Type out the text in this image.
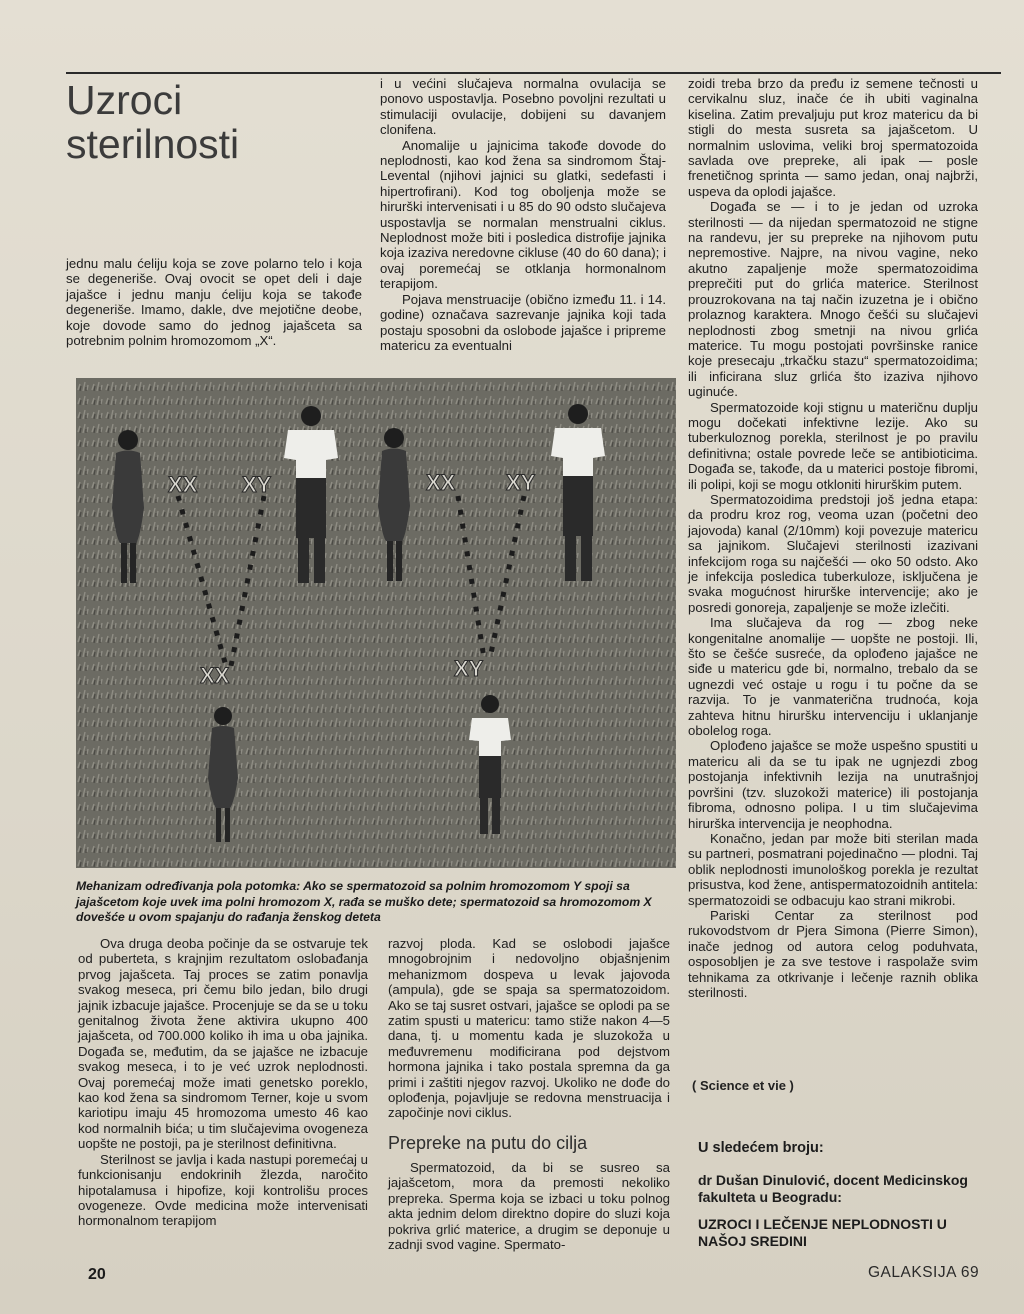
Uzroci sterilnosti

jednu malu ćeliju koja se zove polarno telo i koja se degeneriše. Ovaj ovocit se opet deli i daje jajašce i jednu manju ćeliju koja se takođe degeneriše. Imamo, dakle, dve mejotične deobe, koje dovode samo do jednog jajašceta sa potrebnim polnim hromozomom „X“.

i u većini slučajeva normalna ovulacija se ponovo uspostavlja. Posebno povoljni rezultati u stimulaciji ovulacije, dobijeni su davanjem clonifena.

Anomalije u jajnicima takođe dovode do neplodnosti, kao kod žena sa sindromom Štaj-Levental (njihovi jajnici su glatki, sedefasti i hipertrofirani). Kod tog oboljenja može se hirurški intervenisati i u 85 do 90 odsto slučajeva uspostavlja se normalan menstrualni ciklus. Neplodnost može biti i posledica distrofije jajnika koja izaziva neredovne cikluse (40 do 60 dana); i ovaj poremećaj se otklanja hormonalnom terapijom.

Pojava menstruacije (obično između 11. i 14. godine) označava sazrevanje jajnika koji tada postaju sposobni da oslobode jajašce i pripreme matericu za eventualni

zoidi treba brzo da pređu iz semene tečnosti u cervikalnu sluz, inače će ih ubiti vaginalna kiselina. Zatim prevaljuju put kroz matericu da bi stigli do mesta susreta sa jajašcetom. U normalnim uslovima, veliki broj spermatozoida savlada ove prepreke, ali ipak — posle frenetičnog sprinta — samo jedan, onaj najbrži, uspeva da oplodi jajašce.

Događa se — i to je jedan od uzroka sterilnosti — da nijedan spermatozoid ne stigne na randevu, jer su prepreke na njihovom putu nepremostive. Najpre, na nivou vagine, neko akutno zapaljenje može spermatozoidima preprečiti put do grlića materice. Sterilnost prouzrokovana na taj način izuzetna je i obično prolaznog karaktera. Mnogo češći su slučajevi neplodnosti zbog smetnji na nivou grlića materice. Tu mogu postojati površinske ranice koje presecaju „trkačku stazu“ spermatozoidima; ili inficirana sluz grlića što izaziva njihovo uginuće.

Spermatozoide koji stignu u materičnu duplju mogu dočekati infektivne lezije. Ako su tuberkuloznog porekla, sterilnost je po pravilu definitivna; ostale povrede leče se antibioticima. Događa se, takođe, da u materici postoje fibromi, ili polipi, koji se mogu otkloniti hirurškim putem.

Spermatozoidima predstoji još jedna etapa: da prodru kroz rog, veoma uzan (početni deo jajovoda) kanal (2/10mm) koji povezuje matericu sa jajnikom. Slučajevi sterilnosti izazivani infekcijom roga su najčešći — oko 50 odsto. Ako je infekcija posledica tuberkuloze, isključena je svaka mogućnost hirurške intervencije; ako je posredi gonoreja, zapaljenje se može izlečiti.

Ima slučajeva da rog — zbog neke kongenitalne anomalije — uopšte ne postoji. Ili, što se češće susreće, da oplođeno jajašce ne siđe u matericu gde bi, normalno, trebalo da se ugnezdi već ostaje u rogu i tu počne da se razvija. To je vanmaterična trudnoća, koja zahteva hitnu hiruršku intervenciju i uklanjanje obolelog roga.

Oplođeno jajašce se može uspešno spustiti u matericu ali da se tu ipak ne ugnjezdi zbog postojanja infektivnih lezija na unutrašnjoj površini (tzv. sluzokoži materice) ili postojanja fibroma, odnosno polipa. I u tim slučajevima hirurška intervencija je neophodna.

Konačno, jedan par može biti sterilan mada su partneri, posmatrani pojedinačno — plodni. Taj oblik neplodnosti imunološkog porekla je rezultat prisustva, kod žene, antispermatozoidnih antitela: spermatozoidi se odbacuju kao strani mikrobi.

Pariski Centar za sterilnost pod rukovodstvom dr Pjera Simona (Pierre Simon), inače jednog od autora celog poduhvata, osposobljen je za sve testove i raspolaže svim tehnikama za otkrivanje i lečenje raznih oblika sterilnosti.

XX XY	XX XY
XX	XY
Mehanizam određivanja pola potomka: Ako se spermatozoid sa polnim hromozomom Y spoji sa jajašcetom koje uvek ima polni hromozom X, rađa se muško dete; spermatozoid sa hromozomom X dovešće u ovom spajanju do rađanja ženskog deteta

Ova druga deoba počinje da se ostvaruje tek od puberteta, s krajnjim rezultatom oslobađanja prvog jajašceta. Taj proces se zatim ponavlja svakog meseca, pri čemu bilo jedan, bilo drugi jajnik izbacuje jajašce. Procenjuje se da se u toku genitalnog života žene aktivira ukupno 400 jajašceta, od 700.000 koliko ih ima u oba jajnika. Događa se, međutim, da se jajašce ne izbacuje svakog meseca, i to je već uzrok neplodnosti. Ovaj poremećaj može imati genetsko poreklo, kao kod žena sa sindromom Terner, koje u svom kariotipu imaju 45 hromozoma umesto 46 kao kod normalnih bića; u tim slučajevima ovogeneza uopšte ne postoji, pa je sterilnost definitivna.

Sterilnost se javlja i kada nastupi poremećaj u funkcionisanju endokrinih žlezda, naročito hipotalamusa i hipofize, koji kontrolišu proces ovogeneze. Ovde medicina može intervenisati hormonalnom terapijom

razvoj ploda. Kad se oslobodi jajašce mnogobrojnim i nedovoljno objašnjenim mehanizmom dospeva u levak jajovoda (ampula), gde se spaja sa spermatozoidom. Ako se taj susret ostvari, jajašce se oplodi pa se zatim spusti u matericu: tamo stiže nakon 4—5 dana, tj. u momentu kada je sluzokoža u međuvremenu modificirana pod dejstvom hormona jajnika i tako postala spremna da ga primi i zaštiti njegov razvoj. Ukoliko ne dođe do oplođenja, pojavljuje se redovna menstruacija i započinje novi ciklus.

Prepreke na putu do cilja

Spermatozoid, da bi se susreo sa jajašcetom, mora da premosti nekoliko prepreka. Sperma koja se izbaci u toku polnog akta jednim delom direktno dopire do sluzi koja pokriva grlić materice, a drugim se deponuje u zadnji svod vagine. Spermato-

( Science et vie )
U sledećem broju:
dr Dušan Dinulović, docent Medicinskog fakulteta u Beogradu:
UZROCI I LEČENJE NEPLODNOSTI U NAŠOJ SREDINI
20	GALAKSIJA 69
